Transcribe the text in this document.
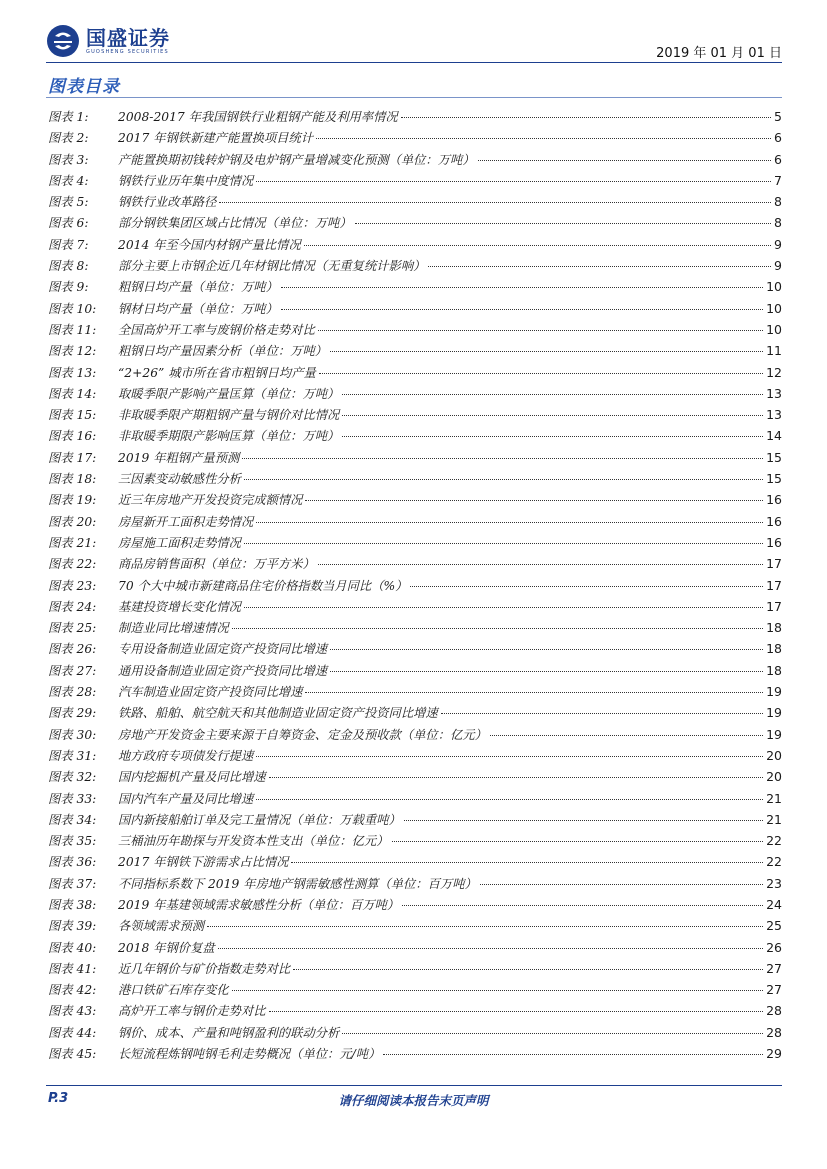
国盛证券
GUOSHENG SECURITIES	2019 年 01 月 01 日
图表目录
图表 1:	2008-2017 年我国钢铁行业粗钢产能及利用率情况	5
图表 2:	2017 年钢铁新建产能置换项目统计	6
图表 3:	产能置换期初钱转炉钢及电炉钢产量增减变化预测（单位：万吨）	6
图表 4:	钢铁行业历年集中度情况	7
图表 5:	钢铁行业改革路径	8
图表 6:	部分钢铁集团区域占比情况（单位：万吨）	8
图表 7:	2014 年至今国内材钢产量比情况	9
图表 8:	部分主要上市钢企近几年材钢比情况（无重复统计影响）	9
图表 9:	粗钢日均产量（单位：万吨）	10
图表 10:	钢材日均产量（单位：万吨）	10
图表 11:	全国高炉开工率与废钢价格走势对比	10
图表 12:	粗钢日均产量因素分析（单位：万吨）	11
图表 13:	“2+26” 城市所在省市粗钢日均产量	12
图表 14:	取暖季限产影响产量匡算（单位：万吨）	13
图表 15:	非取暖季限产期粗钢产量与钢价对比情况	13
图表 16:	非取暖季期限产影响匡算（单位：万吨）	14
图表 17:	2019 年粗钢产量预测	15
图表 18:	三因素变动敏感性分析	15
图表 19:	近三年房地产开发投资完成额情况	16
图表 20:	房屋新开工面积走势情况	16
图表 21:	房屋施工面积走势情况	16
图表 22:	商品房销售面积（单位：万平方米）	17
图表 23:	70 个大中城市新建商品住宅价格指数当月同比（%）	17
图表 24:	基建投资增长变化情况	17
图表 25:	制造业同比增速情况	18
图表 26:	专用设备制造业固定资产投资同比增速	18
图表 27:	通用设备制造业固定资产投资同比增速	18
图表 28:	汽车制造业固定资产投资同比增速	19
图表 29:	铁路、船舶、航空航天和其他制造业固定资产投资同比增速	19
图表 30:	房地产开发资金主要来源于自筹资金、定金及预收款（单位：亿元）	19
图表 31:	地方政府专项债发行提速	20
图表 32:	国内挖掘机产量及同比增速	20
图表 33:	国内汽车产量及同比增速	21
图表 34:	国内新接船舶订单及完工量情况（单位：万载重吨）	21
图表 35:	三桶油历年勘探与开发资本性支出（单位：亿元）	22
图表 36:	2017 年钢铁下游需求占比情况	22
图表 37:	不同指标系数下 2019 年房地产钢需敏感性测算（单位：百万吨）	23
图表 38:	2019 年基建领域需求敏感性分析（单位：百万吨）	24
图表 39:	各领域需求预测	25
图表 40:	2018 年钢价复盘	26
图表 41:	近几年钢价与矿价指数走势对比	27
图表 42:	港口铁矿石库存变化	27
图表 43:	高炉开工率与钢价走势对比	28
图表 44:	钢价、成本、产量和吨钢盈利的联动分析	28
图表 45:	长短流程炼钢吨钢毛利走势概况（单位：元/吨）	29
请仔细阅读本报告末页声明
P.3
